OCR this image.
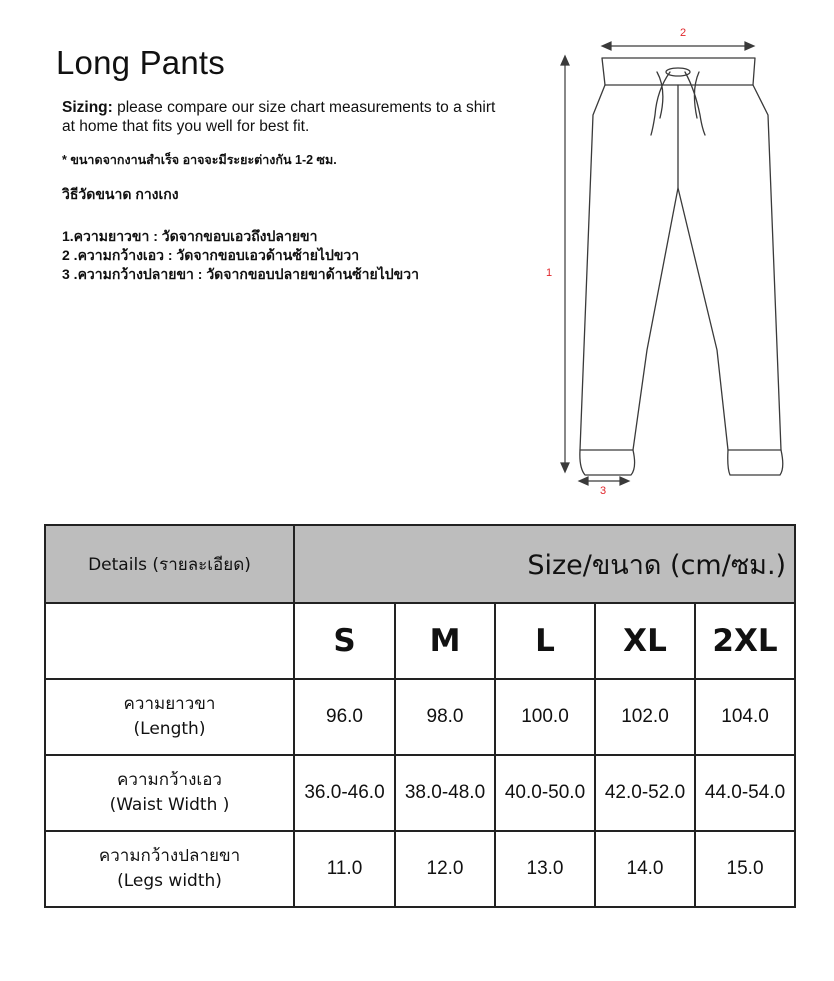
Long Pants

Sizing: please compare our size chart measurements to a shirt at home that fits you well for best fit.

* ขนาดจากงานสำเร็จ อาจจะมีระยะต่างกัน 1-2 ซม.

วิธีวัดขนาด กางเกง

1.ความยาวขา : วัดจากขอบเอวถึงปลายขา
2 .ความกว้างเอว : วัดจากขอบเอวด้านซ้ายไปขวา
3 .ความกว้างปลายขา : วัดจากขอบปลายขาด้านซ้ายไปขวา	1
2
3
Details (รายละเอียด)	Size/ขนาด (cm/ซม.)				

	S	M	L	XL	2XL

ความยาวขา
(Length)	96.0	98.0	100.0	102.0	104.0

ความกว้างเอว
(Waist Width )	36.0-46.0	38.0-48.0	40.0-50.0	42.0-52.0	44.0-54.0

ความกว้างปลายขา
(Legs width)	11.0	12.0	13.0	14.0	15.0
